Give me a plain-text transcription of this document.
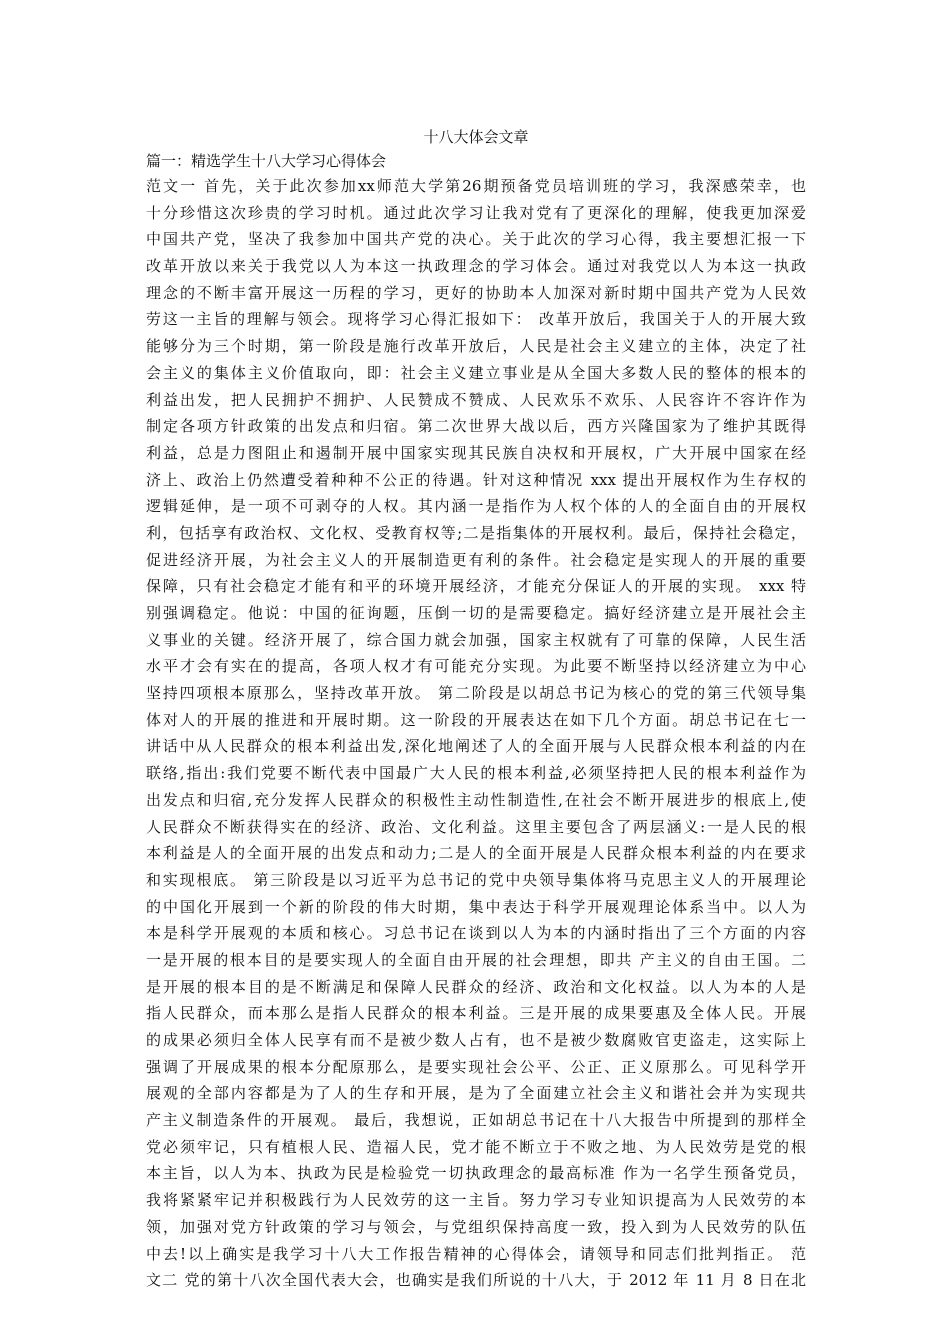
十八大体会文章

篇一：精选学生十八大学习心得体会

范文一 首先，关于此次参加xx师范大学第26期预备党员培训班的学习，我深感荣幸，也
十分珍惜这次珍贵的学习时机。通过此次学习让我对党有了更深化的理解，使我更加深爱
中国共产党，坚决了我参加中国共产党的决心。关于此次的学习心得，我主要想汇报一下
改革开放以来关于我党以人为本这一执政理念的学习体会。通过对我党以人为本这一执政
理念的不断丰富开展这一历程的学习，更好的协助本人加深对新时期中国共产党为人民效
劳这一主旨的理解与领会。现将学习心得汇报如下： 改革开放后，我国关于人的开展大致
能够分为三个时期，第一阶段是施行改革开放后，人民是社会主义建立的主体，决定了社
会主义的集体主义价值取向，即：社会主义建立事业是从全国大多数人民的整体的根本的
利益出发，把人民拥护不拥护、人民赞成不赞成、人民欢乐不欢乐、人民容许不容许作为
制定各项方针政策的出发点和归宿。第二次世界大战以后，西方兴隆国家为了维护其既得
利益，总是力图阻止和遏制开展中国家实现其民族自决权和开展权，广大开展中国家在经
济上、政治上仍然遭受着种种不公正的待遇。针对这种情况 xxx 提出开展权作为生存权的
逻辑延伸，是一项不可剥夺的人权。其内涵一是指作为人权个体的人的全面自由的开展权
利，包括享有政治权、文化权、受教育权等;二是指集体的开展权利。最后，保持社会稳定，
促进经济开展，为社会主义人的开展制造更有利的条件。社会稳定是实现人的开展的重要
保障，只有社会稳定才能有和平的环境开展经济，才能充分保证人的开展的实现。 xxx 特
别强调稳定。他说：中国的征询题，压倒一切的是需要稳定。搞好经济建立是开展社会主
义事业的关键。经济开展了，综合国力就会加强，国家主权就有了可靠的保障，人民生活
水平才会有实在的提高，各项人权才有可能充分实现。为此要不断坚持以经济建立为中心
坚持四项根本原那么，坚持改革开放。 第二阶段是以胡总书记为核心的党的第三代领导集
体对人的开展的推进和开展时期。这一阶段的开展表达在如下几个方面。胡总书记在七一
讲话中从人民群众的根本利益出发,深化地阐述了人的全面开展与人民群众根本利益的内在
联络,指出:我们党要不断代表中国最广大人民的根本利益,必须坚持把人民的根本利益作为
出发点和归宿,充分发挥人民群众的积极性主动性制造性,在社会不断开展进步的根底上,使
人民群众不断获得实在的经济、政治、文化利益。这里主要包含了两层涵义:一是人民的根
本利益是人的全面开展的出发点和动力;二是人的全面开展是人民群众根本利益的内在要求
和实现根底。 第三阶段是以习近平为总书记的党中央领导集体将马克思主义人的开展理论
的中国化开展到一个新的阶段的伟大时期，集中表达于科学开展观理论体系当中。以人为
本是科学开展观的本质和核心。习总书记在谈到以人为本的内涵时指出了三个方面的内容
一是开展的根本目的是要实现人的全面自由开展的社会理想，即共 产主义的自由王国。二
是开展的根本目的是不断满足和保障人民群众的经济、政治和文化权益。以人为本的人是
指人民群众，而本那么是指人民群众的根本利益。三是开展的成果要惠及全体人民。开展
的成果必须归全体人民享有而不是被少数人占有，也不是被少数腐败官吏盗走，这实际上
强调了开展成果的根本分配原那么，是要实现社会公平、公正、正义原那么。可见科学开
展观的全部内容都是为了人的生存和开展，是为了全面建立社会主义和谐社会并为实现共
产主义制造条件的开展观。 最后，我想说，正如胡总书记在十八大报告中所提到的那样全
党必须牢记，只有植根人民、造福人民，党才能不断立于不败之地、为人民效劳是党的根
本主旨，以人为本、执政为民是检验党一切执政理念的最高标准 作为一名学生预备党员，
我将紧紧牢记并积极践行为人民效劳的这一主旨。努力学习专业知识提高为人民效劳的本
领，加强对党方针政策的学习与领会，与党组织保持高度一致，投入到为人民效劳的队伍
中去!以上确实是我学习十八大工作报告精神的心得体会，请领导和同志们批判指正。 范
文二 党的第十八次全国代表大会，也确实是我们所说的十八大，于 2012 年 11 月 8 日在北
